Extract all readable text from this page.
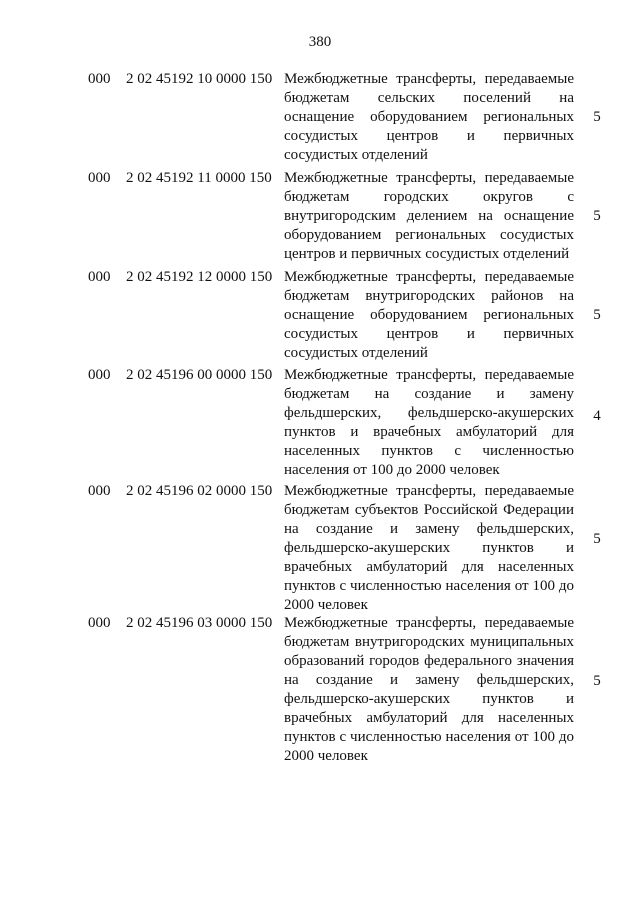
380
000 2 02 45192 10 0000 150 Межбюджетные трансферты, передаваемые бюджетам сельских поселений на оснащение оборудованием региональных сосудистых центров и первичных сосудистых отделений
5
000 2 02 45192 11 0000 150 Межбюджетные трансферты, передаваемые бюджетам городских округов с внутригородским делением на оснащение оборудованием региональных сосудистых центров и первичных сосудистых отделений
5
000 2 02 45192 12 0000 150 Межбюджетные трансферты, передаваемые бюджетам внутригородских районов на оснащение оборудованием региональных сосудистых центров и первичных сосудистых отделений
5
000 2 02 45196 00 0000 150 Межбюджетные трансферты, передаваемые бюджетам на создание и замену фельдшерских, фельдшерско-акушерских пунктов и врачебных амбулаторий для населенных пунктов с численностью населения от 100 до 2000 человек
4
000 2 02 45196 02 0000 150 Межбюджетные трансферты, передаваемые бюджетам субъектов Российской Федерации на создание и замену фельдшерских, фельдшерско-акушерских пунктов и врачебных амбулаторий для населенных пунктов с численностью населения от 100 до 2000 человек
5
000 2 02 45196 03 0000 150 Межбюджетные трансферты, передаваемые бюджетам внутригородских муниципальных образований городов федерального значения на создание и замену фельдшерских, фельдшерско-акушерских пунктов и врачебных амбулаторий для населенных пунктов с численностью населения от 100 до 2000 человек
5
